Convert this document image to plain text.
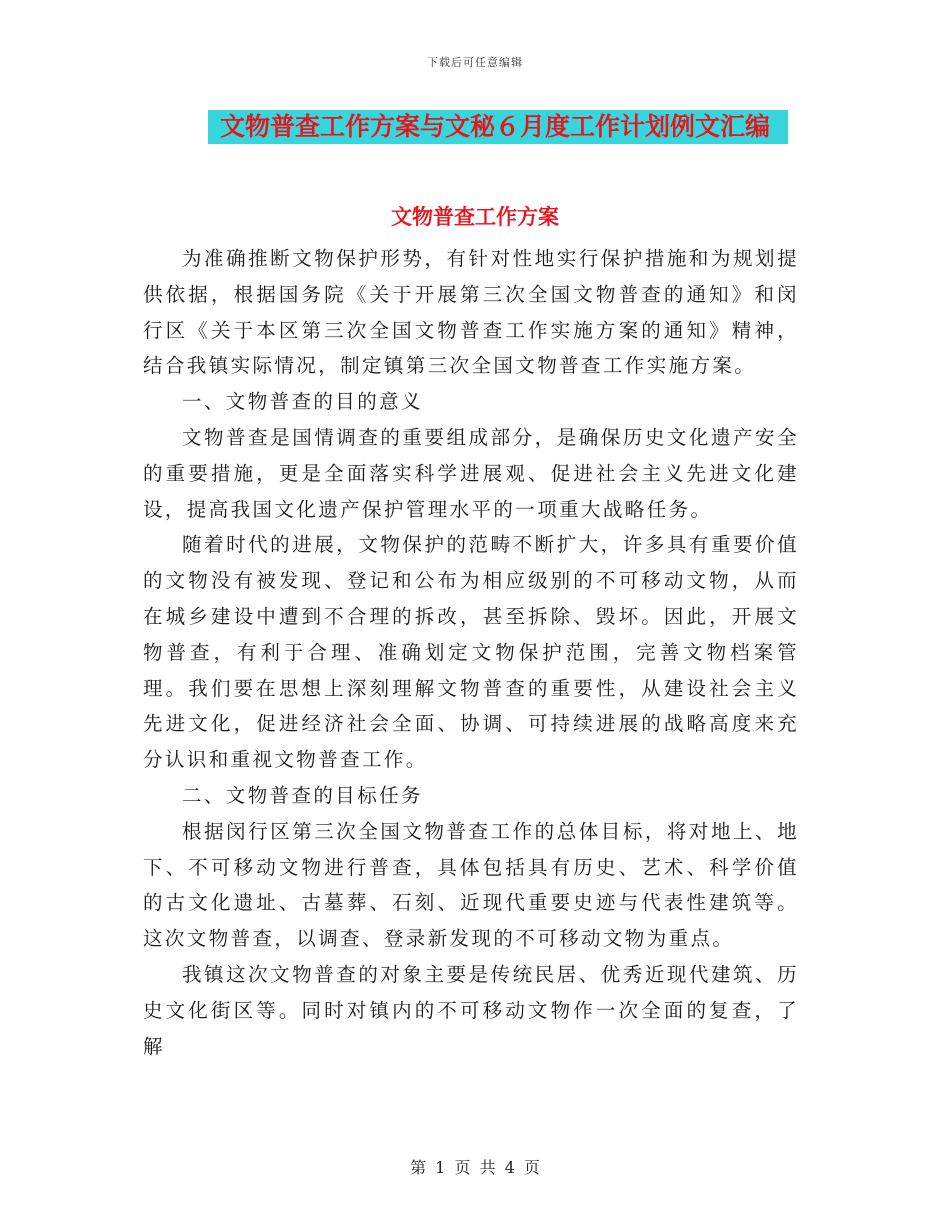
下载后可任意编辑
文物普查工作方案与文秘６月度工作计划例文汇编
文物普查工作方案

为准确推断文物保护形势，有针对性地实行保护措施和为规划提供依据，根据国务院《关于开展第三次全国文物普查的通知》和闵行区《关于本区第三次全国文物普查工作实施方案的通知》精神，结合我镇实际情况，制定镇第三次全国文物普查工作实施方案。

一、文物普查的目的意义

文物普查是国情调查的重要组成部分，是确保历史文化遗产安全的重要措施，更是全面落实科学进展观、促进社会主义先进文化建设，提高我国文化遗产保护管理水平的一项重大战略任务。

随着时代的进展，文物保护的范畴不断扩大，许多具有重要价值的文物没有被发现、登记和公布为相应级别的不可移动文物，从而在城乡建设中遭到不合理的拆改，甚至拆除、毁坏。因此，开展文物普查，有利于合理、准确划定文物保护范围，完善文物档案管理。我们要在思想上深刻理解文物普查的重要性，从建设社会主义先进文化，促进经济社会全面、协调、可持续进展的战略高度来充分认识和重视文物普查工作。

二、文物普查的目标任务

根据闵行区第三次全国文物普查工作的总体目标，将对地上、地下、不可移动文物进行普查，具体包括具有历史、艺术、科学价值的古文化遗址、古墓葬、石刻、近现代重要史迹与代表性建筑等。这次文物普查，以调查、登录新发现的不可移动文物为重点。

我镇这次文物普查的对象主要是传统民居、优秀近现代建筑、历史文化街区等。同时对镇内的不可移动文物作一次全面的复查，了解

第 1 页 共 4 页
